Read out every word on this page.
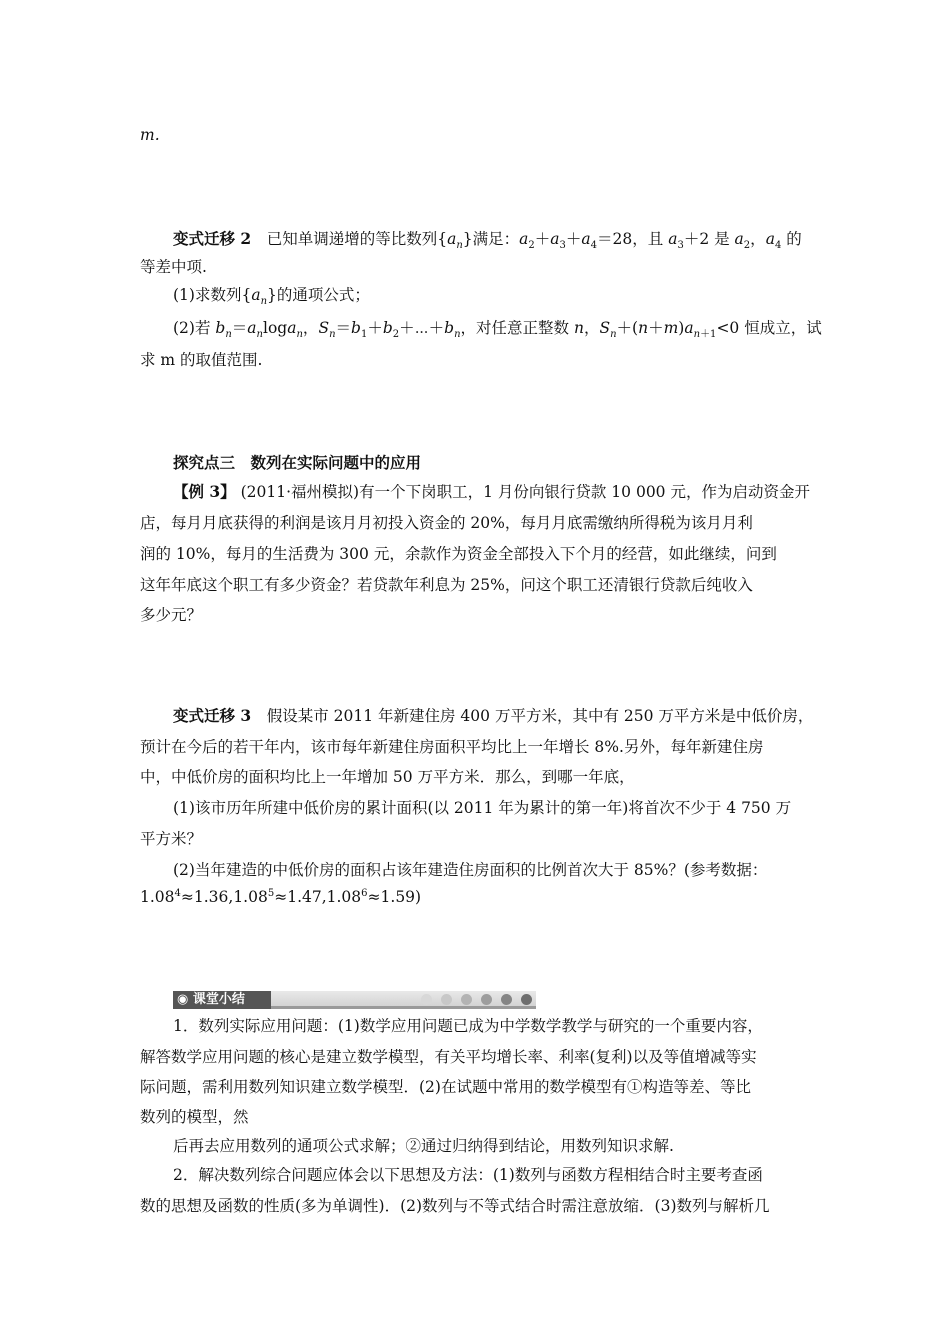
m.
变式迁移 2　已知单调递增的等比数列$\{a_n\}$满足：$a_2+a_3+a_4=28$，且 $a_3+2$ 是 $a_2$，$a_4$ 的
等差中项.
(1)求数列$\{a_n\}$的通项公式；
(2)若 $b_n=a_n\log a_n$，$S_n=b_1+b_2+\cdots+b_n$，对任意正整数 n，$S_n+(n+m)a_{n+1}<0$ 恒成立，试
求 m 的取值范围.
探究点三　数列在实际问题中的应用
【例 3】 (2011·福州模拟)有一个下岗职工，1 月份向银行贷款 10 000 元，作为启动资金开
店，每月月底获得的利润是该月月初投入资金的 20%，每月月底需缴纳所得税为该月月利
润的 10%，每月的生活费为 300 元，余款作为资金全部投入下个月的经营，如此继续，问到
这年年底这个职工有多少资金？若贷款年利息为 25%，问这个职工还清银行贷款后纯收入
多少元？
变式迁移 3　 假设某市 2011 年新建住房 400 万平方米，其中有 250 万平方米是中低价房，
预计在今后的若干年内，该市每年新建住房面积平均比上一年增长 8%.另外，每年新建住房
中，中低价房的面积均比上一年增加 50 万平方米．那么，到哪一年底，
(1)该市历年所建中低价房的累计面积(以 2011 年为累计的第一年)将首次不少于 4 750 万
平方米？
(2)当年建造的中低价房的面积占该年建造住房面积的比例首次大于 85%？(参考数据：
$1.08^4\approx 1.36,1.08^5\approx 1.47,1.08^6\approx 1.59$)
◉ 课堂小结
1．数列实际应用问题：(1)数学应用问题已成为中学数学教学与研究的一个重要内容，
解答数学应用问题的核心是建立数学模型，有关平均增长率、利率(复利)以及等值增减等实
际问题，需利用数列知识建立数学模型．(2)在试题中常用的数学模型有①构造等差、等比
数列的模型，然
后再去应用数列的通项公式求解；②通过归纳得到结论，用数列知识求解.
2．解决数列综合问题应体会以下思想及方法：(1)数列与函数方程相结合时主要考查函
数的思想及函数的性质(多为单调性)．(2)数列与不等式结合时需注意放缩．(3)数列与解析几
